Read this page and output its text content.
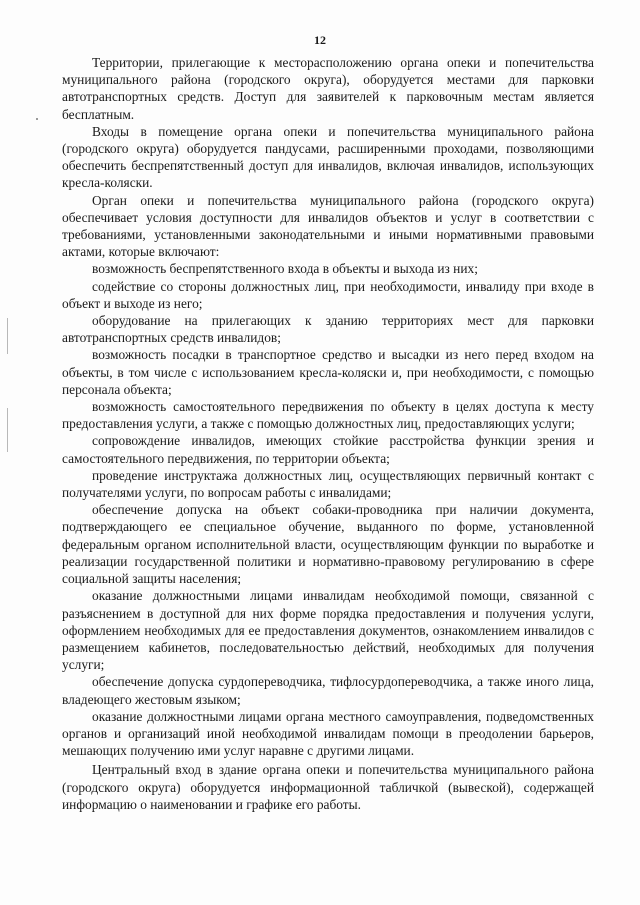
12

Территории, прилегающие к месторасположению органа опеки и попечительства муниципального района (городского округа), оборудуется местами для парковки автотранспортных средств. Доступ для заявителей к парковочным местам является бесплатным.

Входы в помещение органа опеки и попечительства муниципального района (городского округа) оборудуется пандусами, расширенными проходами, позволяющими обеспечить беспрепятственный доступ для инвалидов, включая инвалидов, использующих кресла-коляски.

Орган опеки и попечительства муниципального района (городского округа) обеспечивает условия доступности для инвалидов объектов и услуг в соответствии с требованиями, установленными законодательными и иными нормативными правовыми актами, которые включают:

возможность беспрепятственного входа в объекты и выхода из них;

содействие со стороны должностных лиц, при необходимости, инвалиду при входе в объект и выходе из него;

оборудование на прилегающих к зданию территориях мест для парковки автотранспортных средств инвалидов;

возможность посадки в транспортное средство и высадки из него перед входом на объекты, в том числе с использованием кресла-коляски и, при необходимости, с помощью персонала объекта;

возможность самостоятельного передвижения по объекту в целях доступа к месту предоставления услуги, а также с помощью должностных лиц, предоставляющих услуги;

сопровождение инвалидов, имеющих стойкие расстройства функции зрения и самостоятельного передвижения, по территории объекта;

проведение инструктажа должностных лиц, осуществляющих первичный контакт с получателями услуги, по вопросам работы с инвалидами;

обеспечение допуска на объект собаки-проводника при наличии документа, подтверждающего ее специальное обучение, выданного по форме, установленной федеральным органом исполнительной власти, осуществляющим функции по выработке и реализации государственной политики и нормативно-правовому регулированию в сфере социальной защиты населения;

оказание должностными лицами инвалидам необходимой помощи, связанной с разъяснением в доступной для них форме порядка предоставления и получения услуги, оформлением необходимых для ее предоставления документов, ознакомлением инвалидов с размещением кабинетов, последовательностью действий, необходимых для получения услуги;

обеспечение допуска сурдопереводчика, тифлосурдопереводчика, а также иного лица, владеющего жестовым языком;

оказание должностными лицами органа местного самоуправления, подведомственных органов и организаций иной необходимой инвалидам помощи в преодолении барьеров, мешающих получению ими услуг наравне с другими лицами.

Центральный вход в здание органа опеки и попечительства муниципального района (городского округа) оборудуется информационной табличкой (вывеской), содержащей информацию о наименовании и графике его работы.
